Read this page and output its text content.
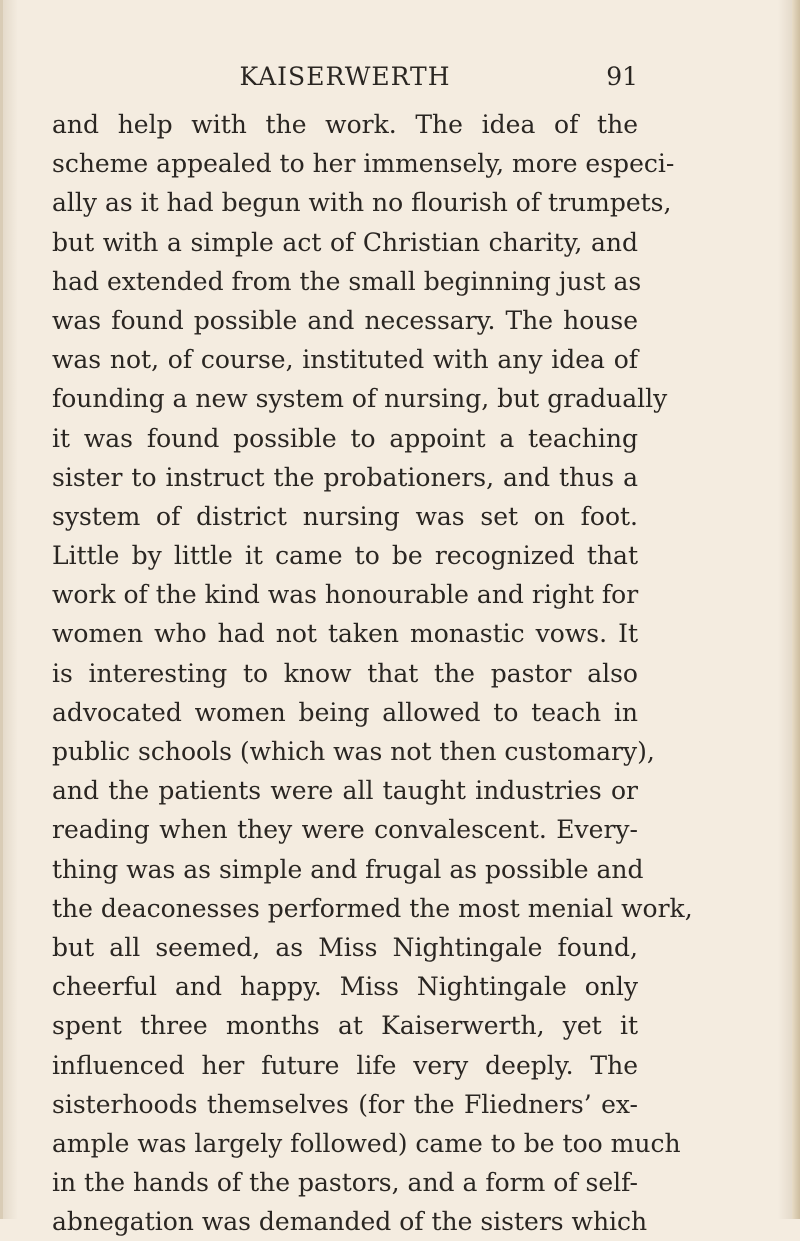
KAISERWERTH	91
and help with the work. The idea of the
scheme appealed to her immensely, more especi-
ally as it had begun with no flourish of trumpets,
but with a simple act of Christian charity, and
had extended from the small beginning just as
was found possible and necessary. The house
was not, of course, instituted with any idea of
founding a new system of nursing, but gradually
it was found possible to appoint a teaching
sister to instruct the probationers, and thus a
system of district nursing was set on foot.
Little by little it came to be recognized that
work of the kind was honourable and right for
women who had not taken monastic vows. It
is interesting to know that the pastor also
advocated women being allowed to teach in
public schools (which was not then customary),
and the patients were all taught industries or
reading when they were convalescent. Every-
thing was as simple and frugal as possible and
the deaconesses performed the most menial work,
but all seemed, as Miss Nightingale found,
cheerful and happy. Miss Nightingale only
spent three months at Kaiserwerth, yet it
influenced her future life very deeply. The
sisterhoods themselves (for the Fliedners’ ex-
ample was largely followed) came to be too much
in the hands of the pastors, and a form of self-
abnegation was demanded of the sisters which
